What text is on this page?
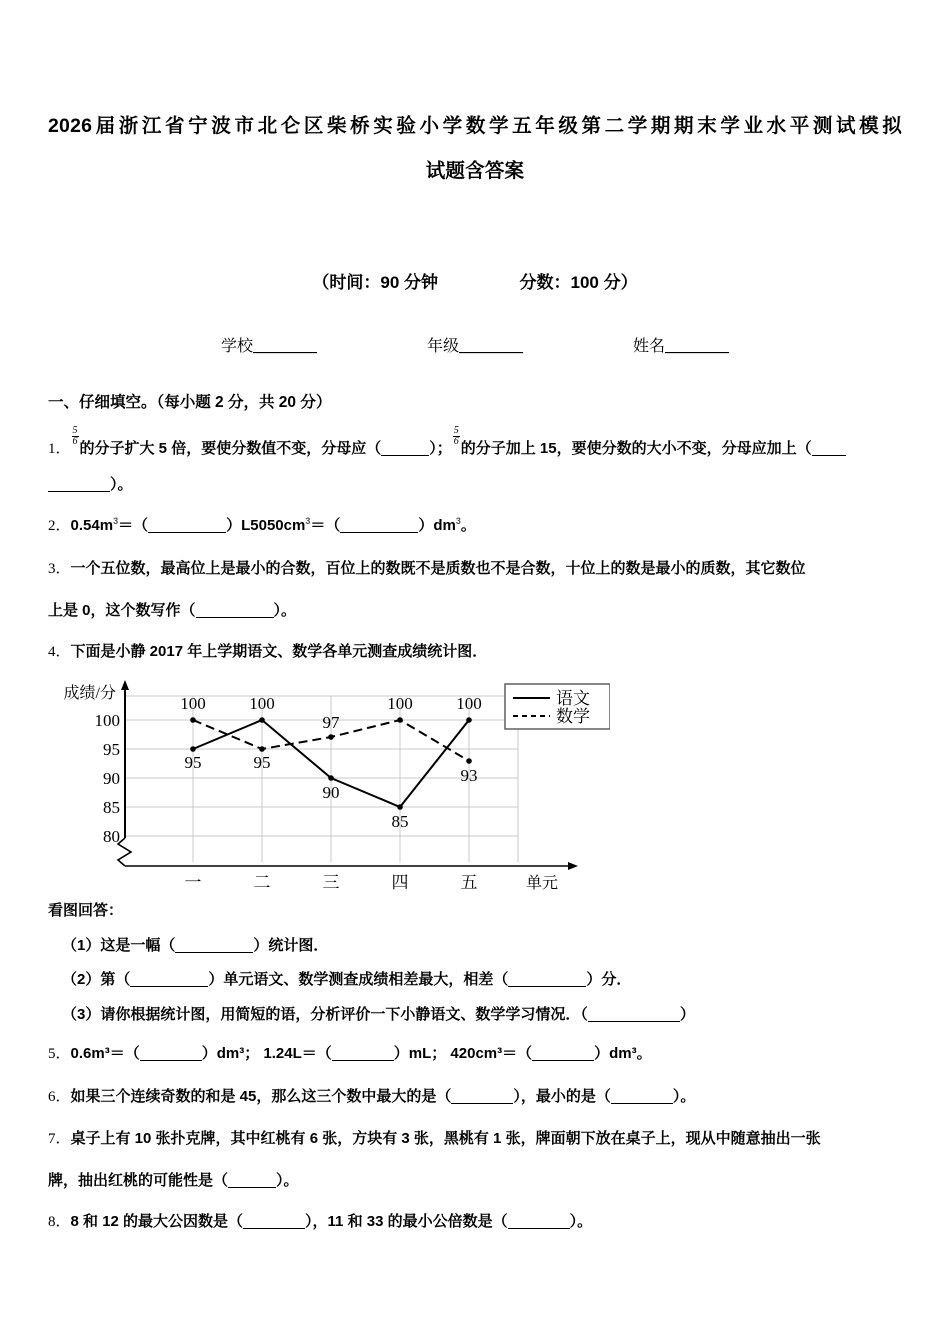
2026届浙江省宁波市北仑区柴桥实验小学数学五年级第二学期期末学业水平测试模拟
试题含答案
（时间：90 分钟	分数：100 分）
学校＿＿＿＿	年级＿＿＿＿	姓名＿＿＿＿
一、仔细填空。（每小题 2 分，共 20 分）
1．
$\frac{5}{6}$
的分子扩大 5 倍，要使分数值不变，分母应（	）；
$\frac{5}{6}$
的分子加上 15，要使分数的大小不变，分母应加上（
）。
2．$0.54m^3=$（	）$L5050cm^3=$（	）$dm^3$。
3．一个五位数，最高位上是最小的合数，百位上的数既不是质数也不是合数，十位上的数是最小的质数，其它数位
上是 0，这个数写作（	）。
4．下面是小静 2017 年上学期语文、数学各单元测查成绩统计图．
100
95
90
85
80
成绩/分
一	二	三	四	五	单元
100	100
97
100	100
95	95
90
85
93
语文
数学
看图回答：
（1）这是一幅（	）统计图．
（2）第（	）单元语文、数学测查成绩相差最大，相差（	）分．
（3）请你根据统计图，用简短的语，分析评价一下小静语文、数学学习情况．（	）
5．0.6m³＝（	）dm³； 1.24L＝（	）mL； 420cm³＝（	）dm³。
6．如果三个连续奇数的和是 45，那么这三个数中最大的是（	），最小的是（	）。
7．桌子上有 10 张扑克牌，其中红桃有 6 张，方块有 3 张，黑桃有 1 张，牌面朝下放在桌子上，现从中随意抽出一张
牌，抽出红桃的可能性是（	）。
8．8 和 12 的最大公因数是（	），11 和 33 的最小公倍数是（	）。
